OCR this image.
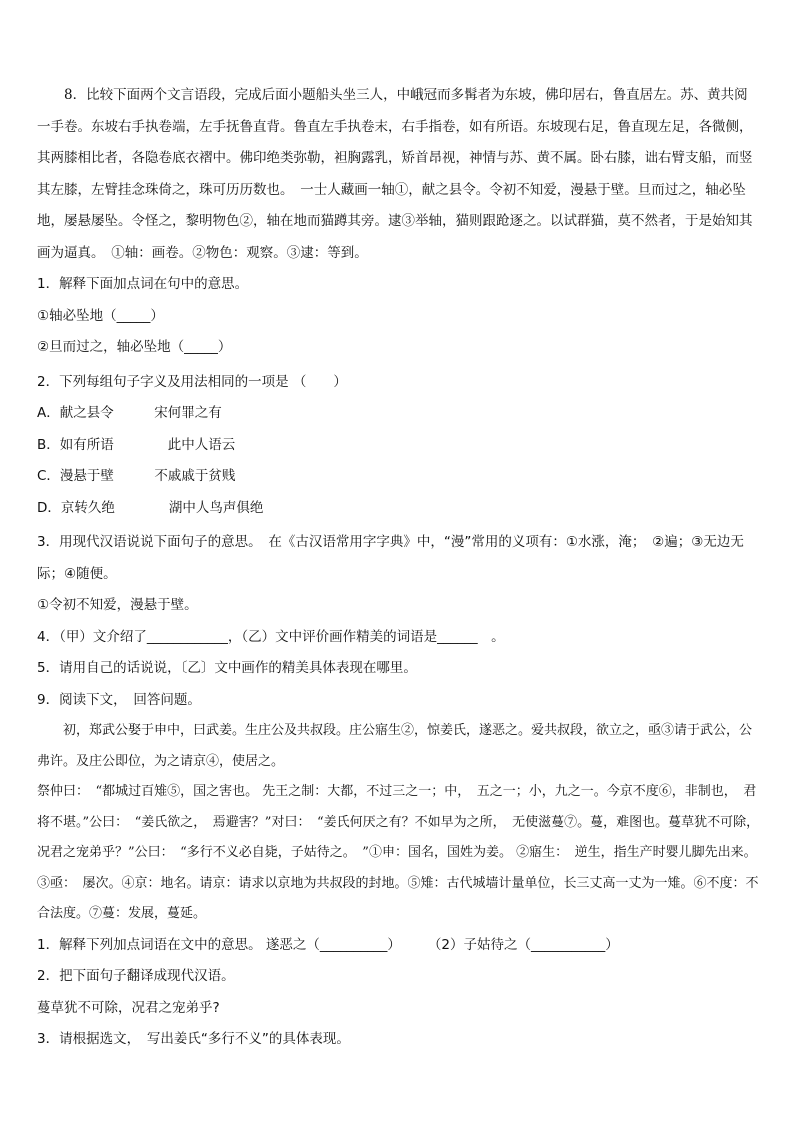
8．比较下面两个文言语段，完成后面小题船头坐三人，中峨冠而多髯者为东坡，佛印居右，鲁直居左。苏、黄共阅一手卷。东坡右手执卷端，左手抚鲁直背。鲁直左手执卷末，右手指卷，如有所语。东坡现右足，鲁直现左足，各微侧，其两膝相比者，各隐卷底衣褶中。佛印绝类弥勒，袒胸露乳，矫首昂视，神情与苏、黄不属。卧右膝，诎右臂支船，而竖其左膝，左臂挂念珠倚之，珠可历历数也。　一士人藏画一轴①，献之县令。令初不知爱，漫悬于壁。旦而过之，轴必坠地，屡悬屡坠。令怪之，黎明物色②，轴在地而猫蹲其旁。逮③举轴，猫则跟跄逐之。以试群猫，莫不然者，于是始知其画为逼真。　①轴：画卷。②物色：观察。③逮：等到。

1．解释下面加点词在句中的意思。

①轴必坠地（_____）

②旦而过之，轴必坠地（_____）

2．下列每组句子字义及用法相同的一项是 （　　）

A．献之县令　　　宋何罪之有

B．如有所语　　　　此中人语云

C．漫悬于壁　　　不戚戚于贫贱

D．京转久绝　　　　湖中人鸟声俱绝

3．用现代汉语说说下面句子的意思。　在《古汉语常用字字典》中，“漫”常用的义项有：①水涨，淹；　②遍；③无边无际；④随便。

①令初不知爱，漫悬于壁。

4．（甲）文介绍了____________，（乙）文中评价画作精美的词语是______　。

5．请用自己的话说说，〔乙〕文中画作的精美具体表现在哪里。

9．阅读下文，　回答问题。

初，郑武公娶于申中，曰武姜。生庄公及共叔段。庄公寤生②，惊姜氏，遂恶之。爱共叔段，欲立之，亟③请于武公，公弗许。及庄公即位，为之请京④，使居之。

祭仲曰：　“都城过百雉⑤，国之害也。 先王之制：大都，不过三之一；中，　五之一；小，九之一。今京不度⑥，非制也，　君将不堪。”公曰：　“姜氏欲之，　焉避害？”对曰：　“姜氏何厌之有？不如早为之所，　无使滋蔓⑦。蔓，难图也。蔓草犹不可除，况君之宠弟乎？”公曰：　“多行不义必自毙，子姑待之。　”①申：国名，国姓为姜。 ②寤生：　逆生，指生产时婴儿脚先出来。③亟：　屡次。④京：地名。请京：请求以京地为共叔段的封地。⑤雉：古代城墙计量单位，长三丈高一丈为一雉。⑥不度：不合法度。⑦蔓：发展，蔓延。

1．解释下列加点词语在文中的意思。 遂恶之（__________）　　　（2）子姑待之（___________）

2．把下面句子翻译成现代汉语。

蔓草犹不可除，况君之宠弟乎?

3．请根据选文，　写出姜氏“多行不义”的具体表现。
